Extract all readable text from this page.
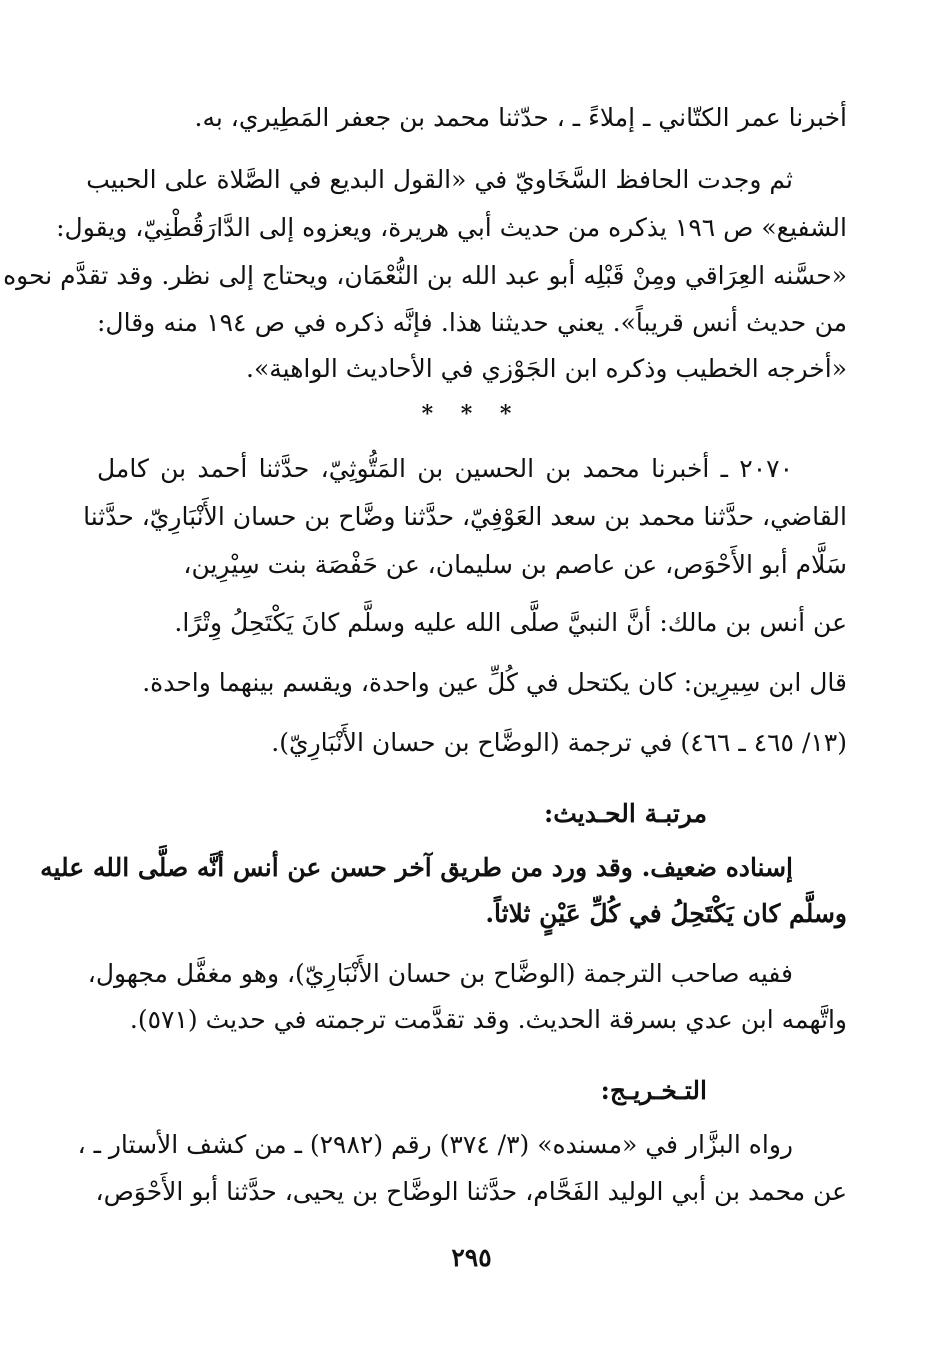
أخبرنا عمر الكتّاني ـ إملاءً ـ ، حدّثنا محمد بن جعفر المَطِيري، به.
ثم وجدت الحافظ السَّخَاويّ في «القول البديع في الصَّلاة على الحبيب
الشفيع» ص ١٩٦ يذكره من حديث أبي هريرة، ويعزوه إلى الدَّارَقُطْنِيّ، ويقول:
«حسَّنه العِرَاقي ومِنْ قَبْلِه أبو عبد الله بن النُّعْمَان، ويحتاج إلى نظر. وقد تقدَّم نحوه
من حديث أنس قريباً». يعني حديثنا هذا. فإنَّه ذكره في ص ١٩٤ منه وقال:
«أخرجه الخطيب وذكره ابن الجَوْزي في الأحاديث الواهية».
* * *
٢٠٧٠ ـ أخبرنا محمد بن الحسين بن المَتُّوثِيّ، حدَّثنا أحمد بن كامل
القاضي، حدَّثنا محمد بن سعد العَوْفِيّ، حدَّثنا وضَّاح بن حسان الأَنْبَارِيّ، حدَّثنا
سَلَّام أبو الأَحْوَص، عن عاصم بن سليمان، عن حَفْصَة بنت سِيْرِين،
عن أنس بن مالك: أنَّ النبيَّ صلَّى الله عليه وسلَّم كانَ يَكْتَحِلُ وِتْرًا.
قال ابن سِيرِين: كان يكتحل في كُلِّ عين واحدة، ويقسم بينهما واحدة.
(١٣/ ٤٦٥ ـ ٤٦٦) في ترجمة (الوضَّاح بن حسان الأَنْبَارِيّ).
مرتبـة الحـديث:
إسناده ضعيف. وقد ورد من طريق آخر حسن عن أنس أنَّه صلَّى الله عليه
وسلَّم كان يَكْتَحِلُ في كُلِّ عَيْنٍ ثلاثاً.
ففيه صاحب الترجمة (الوضَّاح بن حسان الأَنْبَارِيّ)، وهو مغفَّل مجهول،
واتَّهمه ابن عدي بسرقة الحديث. وقد تقدَّمت ترجمته في حديث (٥٧١).
التـخـريـج:
رواه البزَّار في «مسنده» (٣/ ٣٧٤) رقم (٢٩٨٢) ـ من كشف الأستار ـ ،
عن محمد بن أبي الوليد الفَحَّام، حدَّثنا الوضَّاح بن يحيى، حدَّثنا أبو الأَحْوَص،
٢٩٥
